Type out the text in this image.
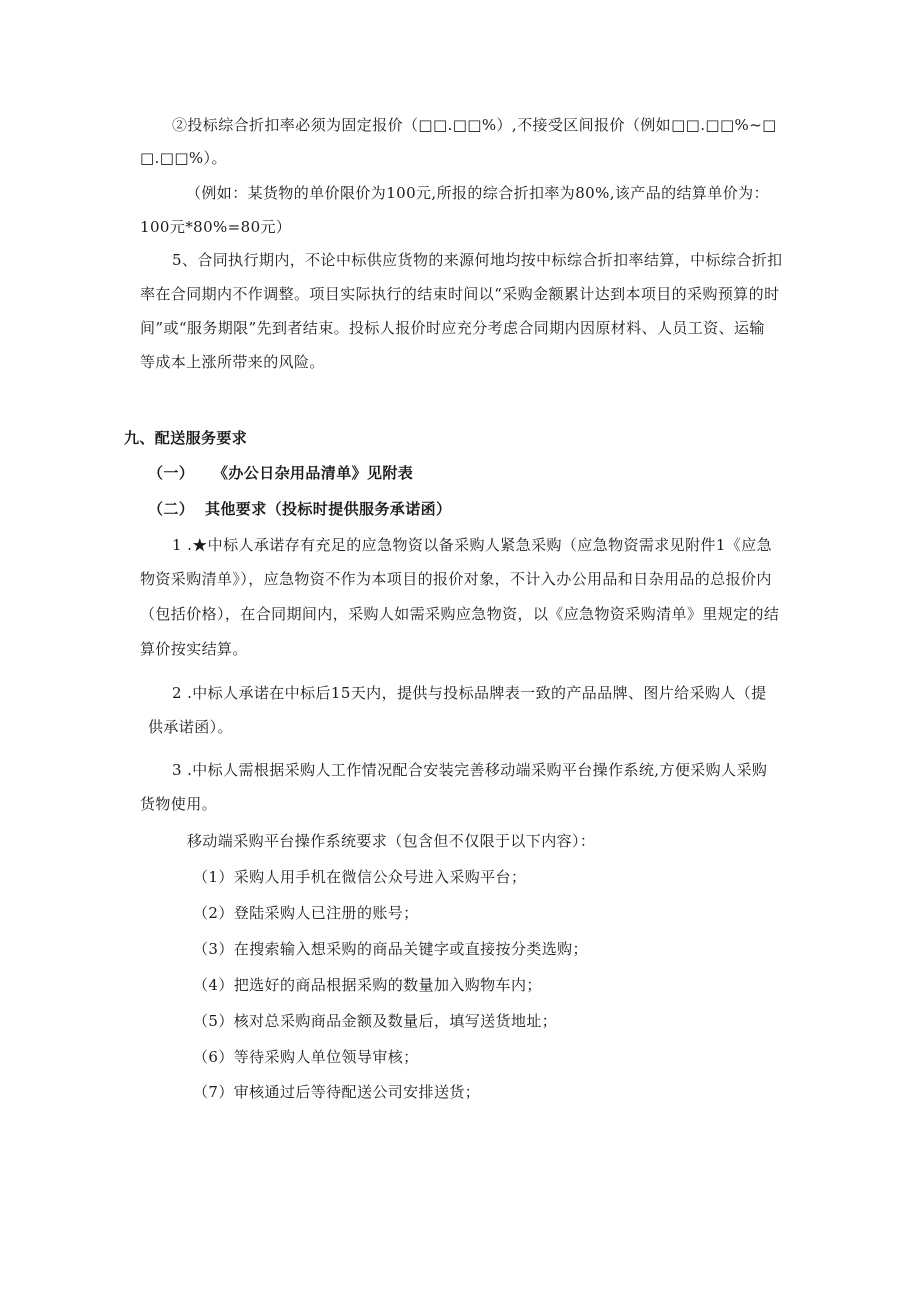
②投标综合折扣率必须为固定报价（□□.□□%）,不接受区间报价（例如□□.□□%~□
□.□□%）。
（例如：某货物的单价限价为100元,所报的综合折扣率为80%,该产品的结算单价为：
100元*80%=80元）
5、合同执行期内，不论中标供应货物的来源何地均按中标综合折扣率结算，中标综合折扣
率在合同期内不作调整。项目实际执行的结束时间以“采购金额累计达到本项目的采购预算的时
间”或“服务期限”先到者结束。投标人报价时应充分考虑合同期内因原材料、人员工资、运输
等成本上涨所带来的风险。
九、配送服务要求
（一） 《办公日杂用品清单》见附表
（二） 其他要求（投标时提供服务承诺函）
1 .★中标人承诺存有充足的应急物资以备采购人紧急采购（应急物资需求见附件1《应急
物资采购清单》），应急物资不作为本项目的报价对象，不计入办公用品和日杂用品的总报价内
（包括价格），在合同期间内，采购人如需采购应急物资，以《应急物资采购清单》里规定的结
算价按实结算。
2 .中标人承诺在中标后15天内，提供与投标品牌表一致的产品品牌、图片给采购人（提
供承诺函）。
3 .中标人需根据采购人工作情况配合安装完善移动端采购平台操作系统,方便采购人采购
货物使用。
移动端采购平台操作系统要求（包含但不仅限于以下内容）：
（1）采购人用手机在微信公众号进入采购平台；
（2）登陆采购人已注册的账号；
（3）在搜索输入想采购的商品关键字或直接按分类选购；
（4）把选好的商品根据采购的数量加入购物车内；
（5）核对总采购商品金额及数量后，填写送货地址；
（6）等待采购人单位领导审核；
（7）审核通过后等待配送公司安排送货；
